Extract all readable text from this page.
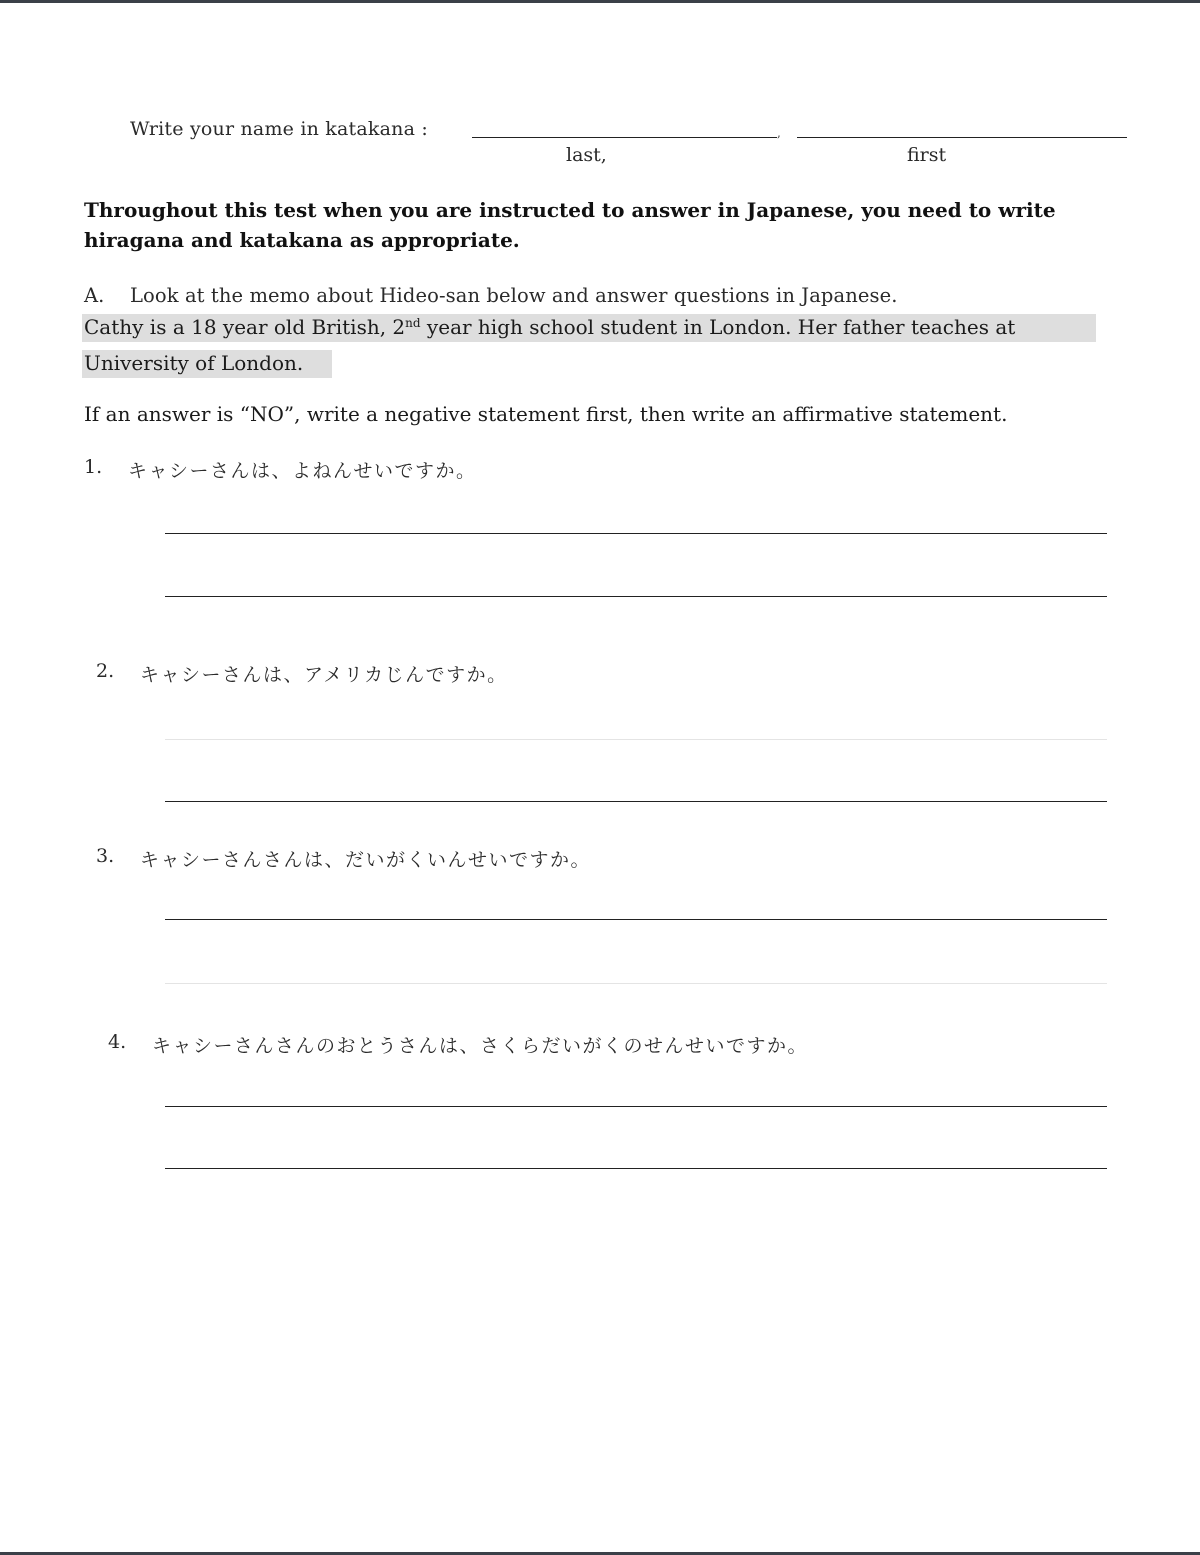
Write your name in katakana :	,
last,	first
Throughout this test when you are instructed to answer in Japanese, you need to write hiragana and katakana as appropriate.
A. Look at the memo about Hideo-san below and answer questions in Japanese.
Cathy is a 18 year old British, 2nd year high school student in London. Her father teaches at
University of London.
If an answer is “NO”, write a negative statement first, then write an affirmative statement.
1. キャシーさんは、よねんせいですか。
2. キャシーさんは、アメリカじんですか。
3. キャシーさんさんは、だいがくいんせいですか。
4. キャシーさんさんのおとうさんは、さくらだいがくのせんせいですか。
